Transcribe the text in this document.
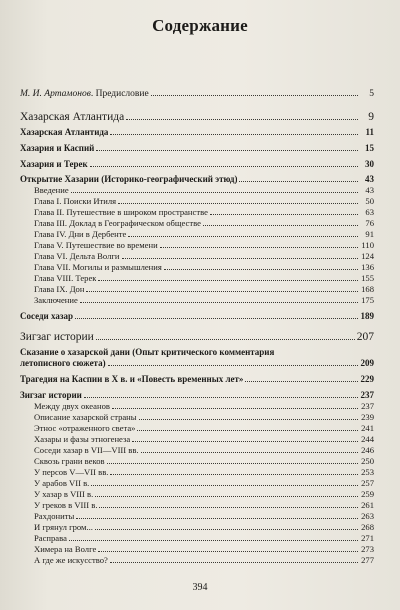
Содержание
М. И. Артамонов. Предисловие	5
Хазарская Атлантида	9
Хазарская Атлантида	11
Хазария и Каспий	15
Хазария и Терек	30
Открытие Хазарии (Историко-географический этюд)	43
Введение	43
Глава I. Поиски Итиля	50
Глава II. Путешествие в широком пространстве	63
Глава III. Доклад в Географическом обществе	76
Глава IV. Дни в Дербенте	91
Глава V. Путешествие во времени	110
Глава VI. Дельта Волги	124
Глава VII. Могилы и размышления	136
Глава VIII. Терек	155
Глава IX. Дон	168
Заключение	175
Соседи хазар	189
Зигзаг истории	207
Сказание о хазарской дани (Опыт критического комментария
летописного сюжета)	209
Трагедия на Каспии в X в. и «Повесть временных лет»	229
Зигзаг истории	237
Между двух океанов	237
Описание хазарской страны	239
Этнос «отраженного света»	241
Хазары и фазы этногенеза	244
Соседи хазар в VII—VIII вв.	246
Сквозь грани веков	250
У персов V—VII вв.	253
У арабов VII в.	257
У хазар в VIII в.	259
У греков в VIII в.	261
Рахдониты	263
И грянул гром...	268
Расправа	271
Химера на Волге	273
А где же искусство?	277
394
